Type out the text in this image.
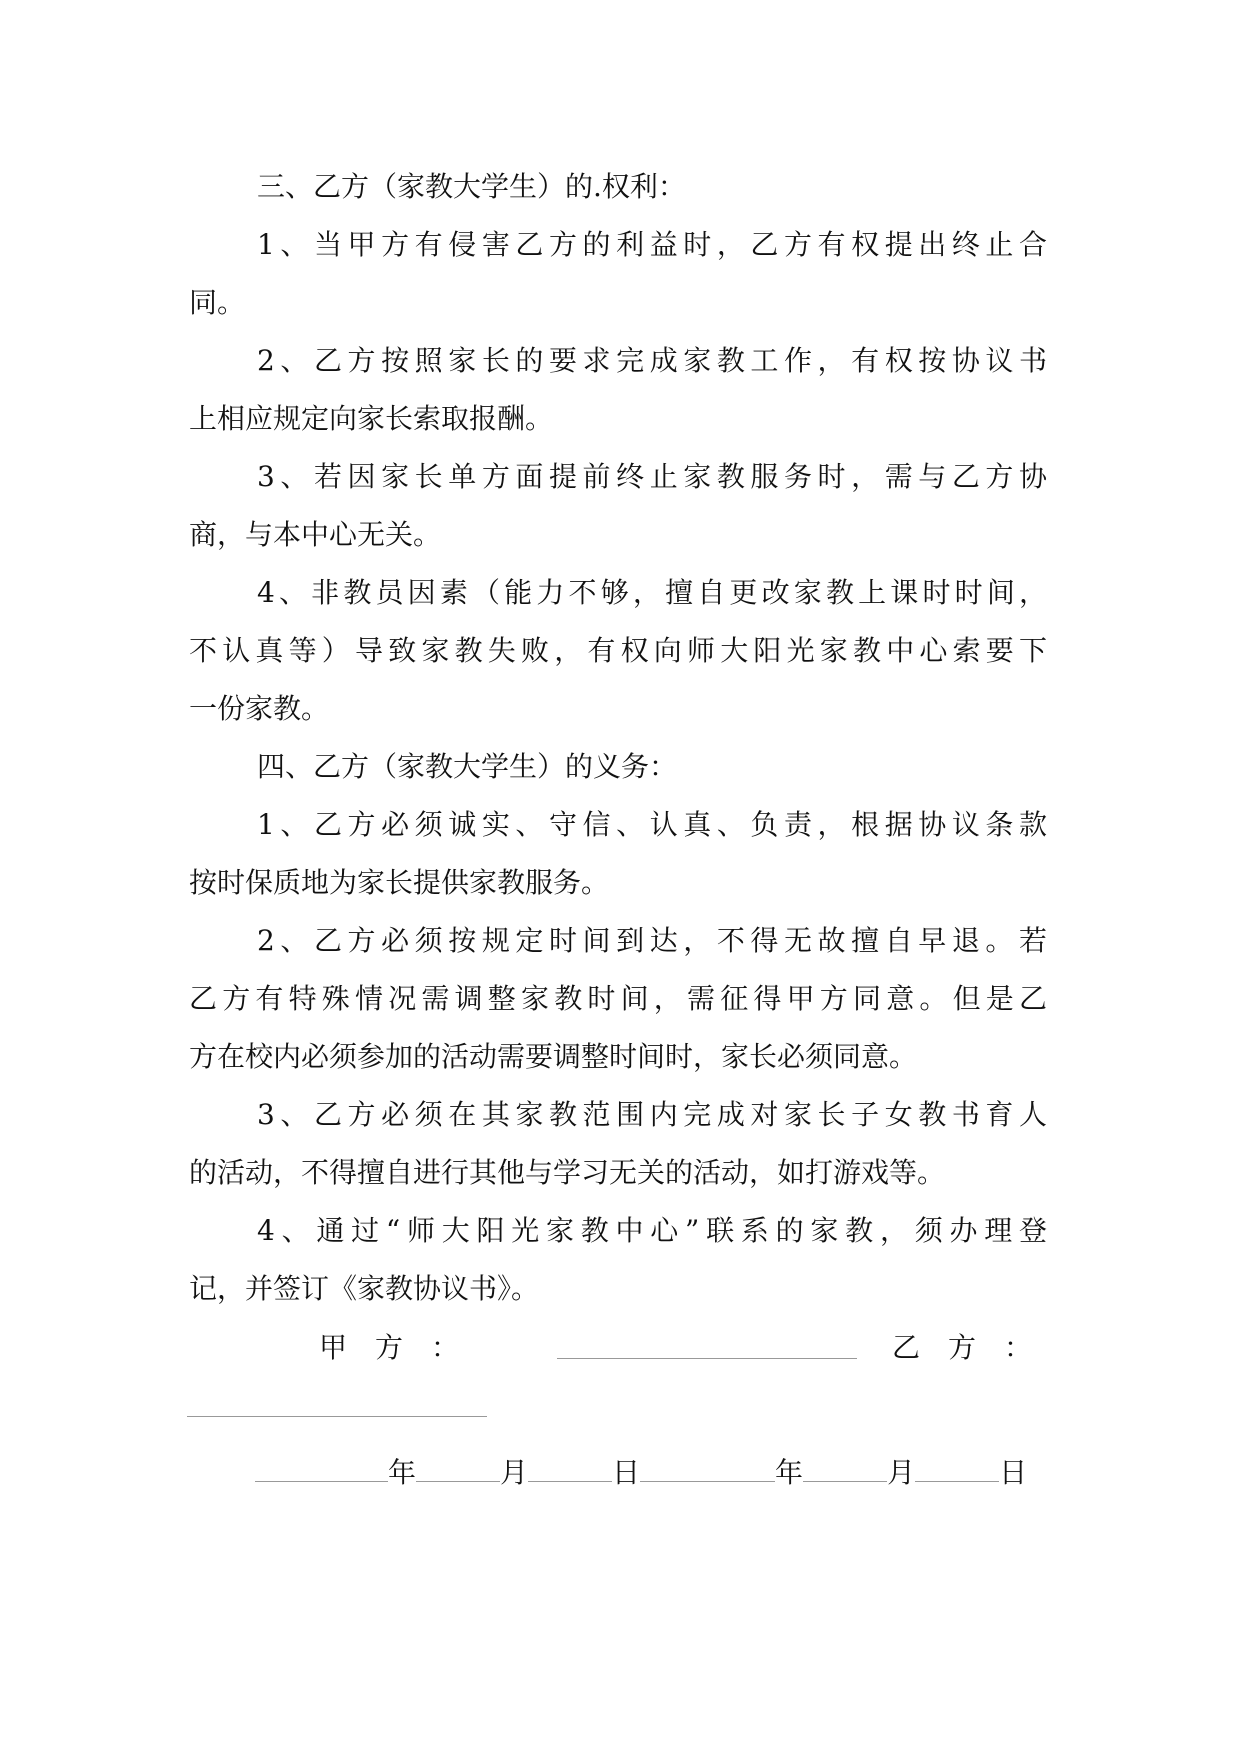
三、乙方（家教大学生）的.权利：
1、当甲方有侵害乙方的利益时，乙方有权提出终止合
同。
2、乙方按照家长的要求完成家教工作，有权按协议书
上相应规定向家长索取报酬。
3、若因家长单方面提前终止家教服务时，需与乙方协
商，与本中心无关。
4、非教员因素（能力不够，擅自更改家教上课时时间，
不认真等）导致家教失败，有权向师大阳光家教中心索要下
一份家教。
四、乙方（家教大学生）的义务：
1、乙方必须诚实、守信、认真、负责，根据协议条款
按时保质地为家长提供家教服务。
2、乙方必须按规定时间到达，不得无故擅自早退。若
乙方有特殊情况需调整家教时间，需征得甲方同意。但是乙
方在校内必须参加的活动需要调整时间时，家长必须同意。
3、乙方必须在其家教范围内完成对家长子女教书育人
的活动，不得擅自进行其他与学习无关的活动，如打游戏等。
4、通过“师大阳光家教中心”联系的家教，须办理登
记，并签订《家教协议书》。
甲　方　：	乙　方　：
年	月	日	年	月	日
